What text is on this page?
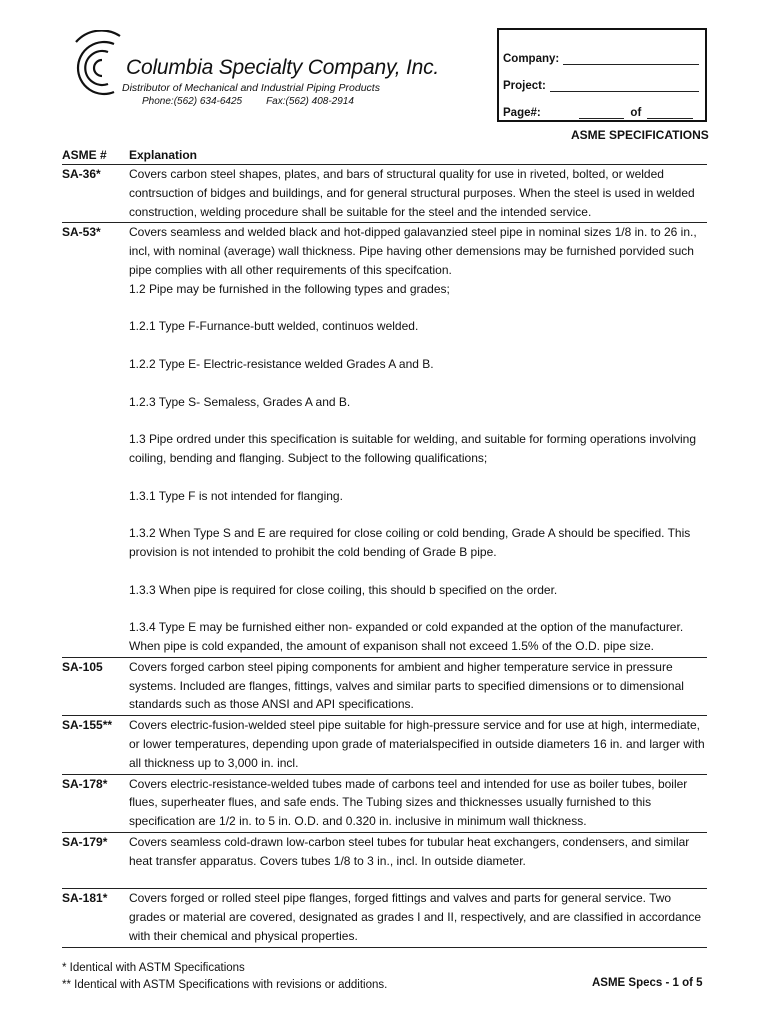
Columbia Specialty Company, Inc.
Distributor of Mechanical and Industrial Piping Products
Phone:(562) 634-6425 Fax:(562) 408-2914
Company:
Project:
Page#:	of
ASME SPECIFICATIONS
ASME #	Explanation
SA-36*	Covers carbon steel shapes, plates, and bars of structural quality for use in riveted, bolted, or welded contrsuction of bidges and buildings, and for general structural purposes. When the steel is used in welded construction, welding procedure shall be suitable for the steel and the intended service.

SA-53*	Covers seamless and welded black and hot-dipped galavanzied steel pipe in nominal sizes 1/8 in. to 26 in., incl, with nominal (average) wall thickness. Pipe having other demensions may be furnished porvided such pipe complies with all other requirements of this specifcation.

1.2 Pipe may be furnished in the following types and grades;

1.2.1 Type F-Furnance-butt welded, continuos welded.

1.2.2 Type E- Electric-resistance welded Grades A and B.

1.2.3 Type S- Semaless, Grades A and B.

1.3 Pipe ordred under this specification is suitable for welding, and suitable for forming operations involving coiling, bending and flanging. Subject to the following qualifications;

1.3.1 Type F is not intended for flanging.

1.3.2 When Type S and E are required for close coiling or cold bending, Grade A should be specified. This provision is not intended to prohibit the cold bending of Grade B pipe.

1.3.3 When pipe is required for close coiling, this should b specified on the order.

1.3.4 Type E may be furnished either non- expanded or cold expanded at the option of the manufacturer. When pipe is cold expanded, the amount of expanison shall not exceed 1.5% of the O.D. pipe size.

SA-105	Covers forged carbon steel piping components for ambient and higher temperature service in pressure systems. Included are flanges, fittings, valves and similar parts to specified dimensions or to dimensional standards such as those ANSI and API specifications.

SA-155**	Covers electric-fusion-welded steel pipe suitable for high-pressure service and for use at high, intermediate, or lower temperatures, depending upon grade of materialspecified in outside diameters 16 in. and larger with all thickness up to 3,000 in. incl.

SA-178*	Covers electric-resistance-welded tubes made of carbons teel and intended for use as boiler tubes, boiler flues, superheater flues, and safe ends. The Tubing sizes and thicknesses usually furnished to this specification are 1/2 in. to 5 in. O.D. and 0.320 in. inclusive in minimum wall thickness.

SA-179*	Covers seamless cold-drawn low-carbon steel tubes for tubular heat exchangers, condensers, and similar heat transfer apparatus. Covers tubes 1/8 to 3 in., incl. In outside diameter.

SA-181*	Covers forged or rolled steel pipe flanges, forged fittings and valves and parts for general service. Two grades or material are covered, designated as grades I and II, respectively, and are classified in accordance with their chemical and physical properties.

* Identical with ASTM Specifications
** Identical with ASTM Specifications with revisions or additions.	ASME Specs - 1 of 5
